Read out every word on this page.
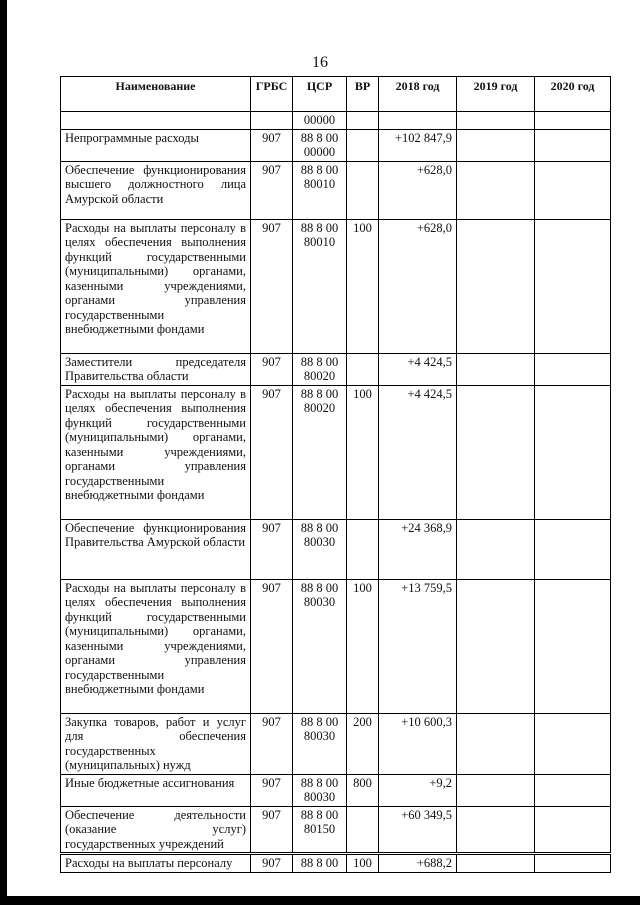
16
Наименование	ГРБС	ЦСР	ВР	2018 год	2019 год	2020 год
		00000				
Непрограммные расходы	907	88 8 00 00000		+102 847,9		
Обеспечение функционирования высшего должностного лица Амурской области	907	88 8 00 80010		+628,0		
Расходы на выплаты персоналу в целях обеспечения выполнения функций государственными (муниципальными) органами, казенными учреждениями, органами управления государственными внебюджетными фондами	907	88 8 00 80010	100	+628,0		
Заместители председателя Правительства области	907	88 8 00 80020		+4 424,5		
Расходы на выплаты персоналу в целях обеспечения выполнения функций государственными (муниципальными) органами, казенными учреждениями, органами управления государственными внебюджетными фондами	907	88 8 00 80020	100	+4 424,5		
Обеспечение функционирования Правительства Амурской области	907	88 8 00 80030		+24 368,9		
Расходы на выплаты персоналу в целях обеспечения выполнения функций государственными (муниципальными) органами, казенными учреждениями, органами управления государственными внебюджетными фондами	907	88 8 00 80030	100	+13 759,5		
Закупка товаров, работ и услуг для обеспечения государственных (муниципальных) нужд	907	88 8 00 80030	200	+10 600,3		
Иные бюджетные ассигнования	907	88 8 00 80030	800	+9,2		
Обеспечение деятельности (оказание услуг) государственных учреждений	907	88 8 00 80150		+60 349,5		
Расходы на выплаты персоналу	907	88 8 00	100	+688,2		
